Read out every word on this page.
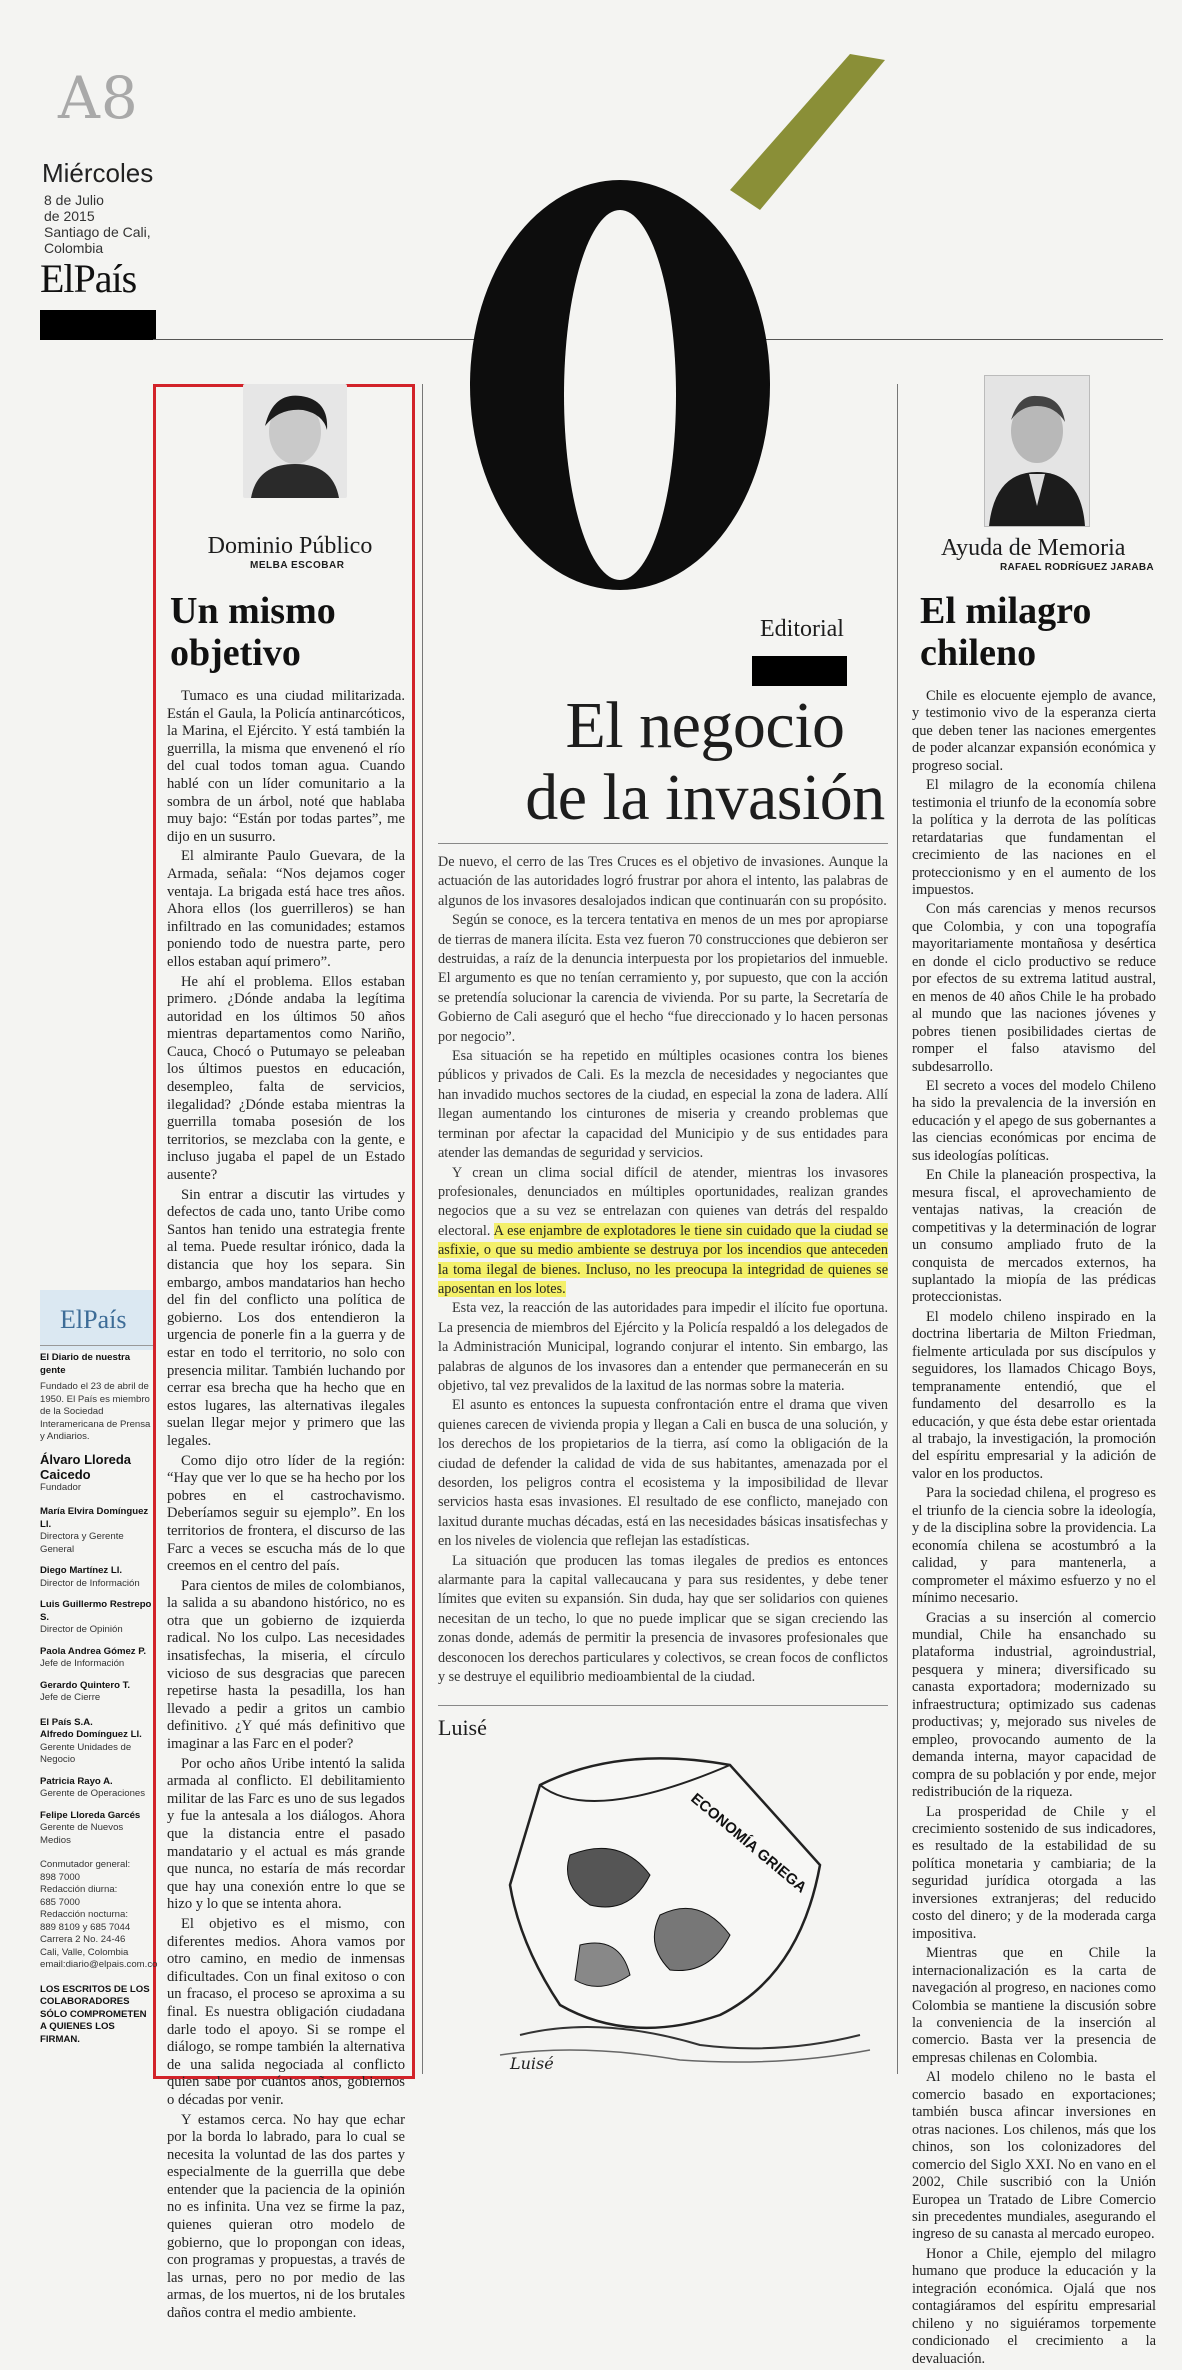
A8
Miércoles
8 de Julio
de 2015
Santiago de Cali,
Colombia
ElPaís
O
Dominio Público
MELBA ESCOBAR
Un mismo
objetivo

Tumaco es una ciudad militarizada. Están el Gaula, la Policía antinarcóticos, la Marina, el Ejército. Y está también la guerrilla, la misma que envenenó el río del cual todos toman agua. Cuando hablé con un líder comunitario a la sombra de un árbol, noté que hablaba muy bajo: “Están por todas partes”, me dijo en un susurro.

El almirante Paulo Guevara, de la Armada, señala: “Nos dejamos coger ventaja. La brigada está hace tres años. Ahora ellos (los guerrilleros) se han infiltrado en las comunidades; estamos poniendo todo de nuestra parte, pero ellos estaban aquí primero”.

He ahí el problema. Ellos estaban primero. ¿Dónde andaba la legítima autoridad en los últimos 50 años mientras departamentos como Nariño, Cauca, Chocó o Putumayo se peleaban los últimos puestos en educación, desempleo, falta de servicios, ilegalidad? ¿Dónde estaba mientras la guerrilla tomaba posesión de los territorios, se mezclaba con la gente, e incluso jugaba el papel de un Estado ausente?

Sin entrar a discutir las virtudes y defectos de cada uno, tanto Uribe como Santos han tenido una estrategia frente al tema. Puede resultar irónico, dada la distancia que hoy los separa. Sin embargo, ambos mandatarios han hecho del fin del conflicto una política de gobierno. Los dos entendieron la urgencia de ponerle fin a la guerra y de estar en todo el territorio, no solo con presencia militar. También luchando por cerrar esa brecha que ha hecho que en estos lugares, las alternativas ilegales suelan llegar mejor y primero que las legales.

Como dijo otro líder de la región: “Hay que ver lo que se ha hecho por los pobres en el castrochavismo. Deberíamos seguir su ejemplo”. En los territorios de frontera, el discurso de las Farc a veces se escucha más de lo que creemos en el centro del país.

Para cientos de miles de colombianos, la salida a su abandono histórico, no es otra que un gobierno de izquierda radical. No los culpo. Las necesidades insatisfechas, la miseria, el círculo vicioso de sus desgracias que parecen repetirse hasta la pesadilla, los han llevado a pedir a gritos un cambio definitivo. ¿Y qué más definitivo que imaginar a las Farc en el poder?

Por ocho años Uribe intentó la salida armada al conflicto. El debilitamiento militar de las Farc es uno de sus legados y fue la antesala a los diálogos. Ahora que la distancia entre el pasado mandatario y el actual es más grande que nunca, no estaría de más recordar que hay una conexión entre lo que se hizo y lo que se intenta ahora.

El objetivo es el mismo, con diferentes medios. Ahora vamos por otro camino, en medio de inmensas dificultades. Con un final exitoso o con un fracaso, el proceso se aproxima a su final. Es nuestra obligación ciudadana darle todo el apoyo. Si se rompe el diálogo, se rompe también la alternativa de una salida negociada al conflicto quien sabe por cuántos años, gobiernos o décadas por venir.

Y estamos cerca. No hay que echar por la borda lo labrado, para lo cual se necesita la voluntad de las dos partes y especialmente de la guerrilla que debe entender que la paciencia de la opinión no es infinita. Una vez se firme la paz, quienes quieran otro modelo de gobierno, que lo propongan con ideas, con programas y propuestas, a través de las urnas, pero no por medio de las armas, de los muertos, ni de los brutales daños contra el medio ambiente.

ElPaís
El Diario de nuestra gente
Fundado el 23 de abril de 1950. El País es miembro de la Sociedad Interamericana de Prensa y Andiarios.
Álvaro Lloreda Caicedo
Fundador
María Elvira Domínguez Ll.
Directora y Gerente General
Diego Martínez Ll.
Director de Información
Luis Guillermo Restrepo S.
Director de Opinión
Paola Andrea Gómez P.
Jefe de Información
Gerardo Quintero T.
Jefe de Cierre
El País S.A.
Alfredo Domínguez Ll.
Gerente Unidades de Negocio
Patricia Rayo A.
Gerente de Operaciones
Felipe Lloreda Garcés
Gerente de Nuevos Medios
Conmutador general:
898 7000
Redacción diurna:
685 7000
Redacción nocturna:
889 8109 y 685 7044
Carrera 2 No. 24-46
Cali, Valle, Colombia
email:diario@elpais.com.co
LOS ESCRITOS DE LOS COLABORADORES SÓLO COMPROMETEN A QUIENES LOS FIRMAN.
Editorial
El negocio
de la invasión

De nuevo, el cerro de las Tres Cruces es el objetivo de invasiones. Aunque la actuación de las autoridades logró frustrar por ahora el intento, las palabras de algunos de los invasores desalojados indican que continuarán con su propósito.

Según se conoce, es la tercera tentativa en menos de un mes por apropiarse de tierras de manera ilícita. Esta vez fueron 70 construcciones que debieron ser destruidas, a raíz de la denuncia interpuesta por los propietarios del inmueble. El argumento es que no tenían cerramiento y, por supuesto, que con la acción se pretendía solucionar la carencia de vivienda. Por su parte, la Secretaría de Gobierno de Cali aseguró que el hecho “fue direccionado y lo hacen personas por negocio”.

Esa situación se ha repetido en múltiples ocasiones contra los bienes públicos y privados de Cali. Es la mezcla de necesidades y negociantes que han invadido muchos sectores de la ciudad, en especial la zona de ladera. Allí llegan aumentando los cinturones de miseria y creando problemas que terminan por afectar la capacidad del Municipio y de sus entidades para atender las demandas de seguridad y servicios.

Y crean un clima social difícil de atender, mientras los invasores profesionales, denunciados en múltiples oportunidades, realizan grandes negocios que a su vez se entrelazan con quienes van detrás del respaldo electoral. A ese enjambre de explotadores le tiene sin cuidado que la ciudad se asfixie, o que su medio ambiente se destruya por los incendios que anteceden la toma ilegal de bienes. Incluso, no les preocupa la integridad de quienes se aposentan en los lotes.

Esta vez, la reacción de las autoridades para impedir el ilícito fue oportuna. La presencia de miembros del Ejército y la Policía respaldó a los delegados de la Administración Municipal, logrando conjurar el intento. Sin embargo, las palabras de algunos de los invasores dan a entender que permanecerán en su objetivo, tal vez prevalidos de la laxitud de las normas sobre la materia.

El asunto es entonces la supuesta confrontación entre el drama que viven quienes carecen de vivienda propia y llegan a Cali en busca de una solución, y los derechos de los propietarios de la tierra, así como la obligación de la ciudad de defender la calidad de vida de sus habitantes, amenazada por el desorden, los peligros contra el ecosistema y la imposibilidad de llevar servicios hasta esas invasiones. El resultado de ese conflicto, manejado con laxitud durante muchas décadas, está en las necesidades básicas insatisfechas y en los niveles de violencia que reflejan las estadísticas.

La situación que producen las tomas ilegales de predios es entonces alarmante para la capital vallecaucana y para sus residentes, y debe tener límites que eviten su expansión. Sin duda, hay que ser solidarios con quienes necesitan de un techo, lo que no puede implicar que se sigan creciendo las zonas donde, además de permitir la presencia de invasores profesionales que desconocen los derechos particulares y colectivos, se crean focos de conflictos y se destruye el equilibrio medioambiental de la ciudad.

Luisé
ECONOMÍA GRIEGA
Luisé
Ayuda de Memoria
RAFAEL RODRÍGUEZ JARABA
El milagro
chileno

Chile es elocuente ejemplo de avance, y testimonio vivo de la esperanza cierta que deben tener las naciones emergentes de poder alcanzar expansión económica y progreso social.

El milagro de la economía chilena testimonia el triunfo de la economía sobre la política y la derrota de las políticas retardatarias que fundamentan el crecimiento de las naciones en el proteccionismo y en el aumento de los impuestos.

Con más carencias y menos recursos que Colombia, y con una topografía mayoritariamente montañosa y desértica en donde el ciclo productivo se reduce por efectos de su extrema latitud austral, en menos de 40 años Chile le ha probado al mundo que las naciones jóvenes y pobres tienen posibilidades ciertas de romper el falso atavismo del subdesarrollo.

El secreto a voces del modelo Chileno ha sido la prevalencia de la inversión en educación y el apego de sus gobernantes a las ciencias económicas por encima de sus ideologías políticas.

En Chile la planeación prospectiva, la mesura fiscal, el aprovechamiento de ventajas nativas, la creación de competitivas y la determinación de lograr un consumo ampliado fruto de la conquista de mercados externos, ha suplantado la miopía de las prédicas proteccionistas.

El modelo chileno inspirado en la doctrina libertaria de Milton Friedman, fielmente articulada por sus discípulos y seguidores, los llamados Chicago Boys, tempranamente entendió, que el fundamento del desarrollo es la educación, y que ésta debe estar orientada al trabajo, la investigación, la promoción del espíritu empresarial y la adición de valor en los productos.

Para la sociedad chilena, el progreso es el triunfo de la ciencia sobre la ideología, y de la disciplina sobre la providencia. La economía chilena se acostumbró a la calidad, y para mantenerla, a comprometer el máximo esfuerzo y no el mínimo necesario.

Gracias a su inserción al comercio mundial, Chile ha ensanchado su plataforma industrial, agroindustrial, pesquera y minera; diversificado su canasta exportadora; modernizado su infraestructura; optimizado sus cadenas productivas; y, mejorado sus niveles de empleo, provocando aumento de la demanda interna, mayor capacidad de compra de su población y por ende, mejor redistribución de la riqueza.

La prosperidad de Chile y el crecimiento sostenido de sus indicadores, es resultado de la estabilidad de su política monetaria y cambiaria; de la seguridad jurídica otorgada a las inversiones extranjeras; del reducido costo del dinero; y de la moderada carga impositiva.

Mientras que en Chile la internacionalización es la carta de navegación al progreso, en naciones como Colombia se mantiene la discusión sobre la conveniencia de la inserción al comercio. Basta ver la presencia de empresas chilenas en Colombia.

Al modelo chileno no le basta el comercio basado en exportaciones; también busca afincar inversiones en otras naciones. Los chilenos, más que los chinos, son los colonizadores del comercio del Siglo XXI. No en vano en el 2002, Chile suscribió con la Unión Europea un Tratado de Libre Comercio sin precedentes mundiales, asegurando el ingreso de su canasta al mercado europeo.

Honor a Chile, ejemplo del milagro humano que produce la educación y la integración económica. Ojalá que nos contagiáramos del espíritu empresarial chileno y no siguiéramos torpemente condicionado el crecimiento a la devaluación.
